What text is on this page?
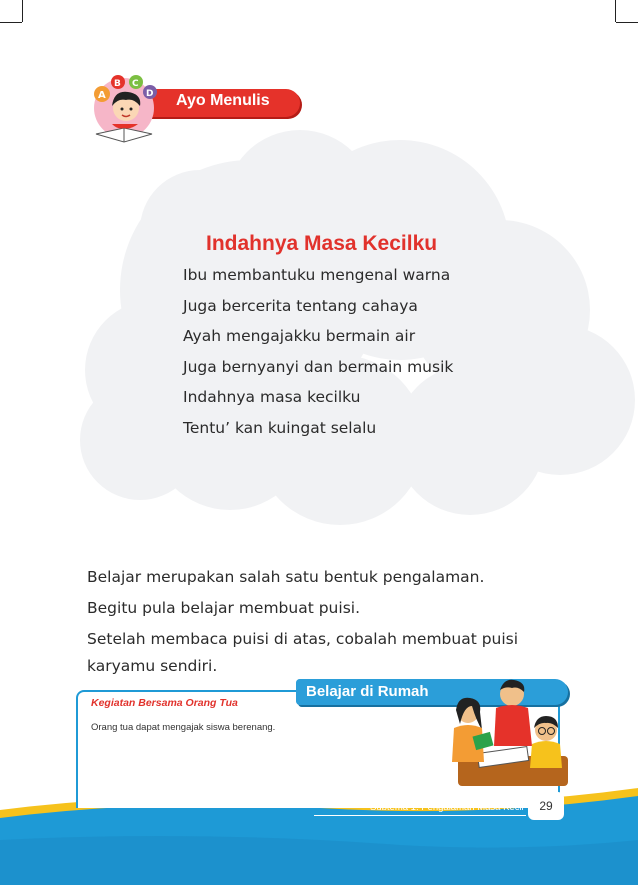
Ayo Menulis
A
B C
D
Indahnya Masa Kecilku
Ibu membantuku mengenal warna
Juga bercerita tentang cahaya
Ayah mengajakku bermain air
Juga bernyanyi dan bermain musik
Indahnya masa kecilku
Tentu’ kan kuingat selalu

Belajar merupakan salah satu bentuk pengalaman.

Begitu pula belajar membuat puisi.

Setelah membaca puisi di atas, cobalah membuat puisi karyamu sendiri.

Belajar di Rumah
Kegiatan Bersama Orang Tua
Orang tua dapat mengajak siswa berenang.
Subtema 1: Pengalaman Masa Kecil	29
